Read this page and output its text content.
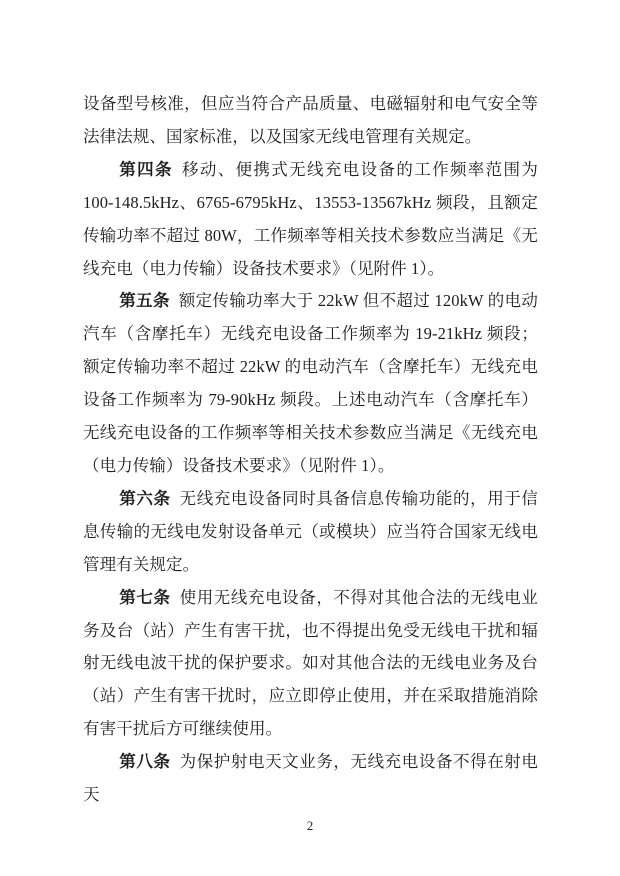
设备型号核准，但应当符合产品质量、电磁辐射和电气安全等法律法规、国家标准，以及国家无线电管理有关规定。

第四条 移动、便携式无线充电设备的工作频率范围为 100-148.5kHz、6765-6795kHz、13553-13567kHz 频段，且额定传输功率不超过 80W，工作频率等相关技术参数应当满足《无线充电（电力传输）设备技术要求》（见附件 1）。

第五条 额定传输功率大于 22kW 但不超过 120kW 的电动汽车（含摩托车）无线充电设备工作频率为 19-21kHz 频段；额定传输功率不超过 22kW 的电动汽车（含摩托车）无线充电设备工作频率为 79-90kHz 频段。上述电动汽车（含摩托车）无线充电设备的工作频率等相关技术参数应当满足《无线充电（电力传输）设备技术要求》（见附件 1）。

第六条 无线充电设备同时具备信息传输功能的，用于信息传输的无线电发射设备单元（或模块）应当符合国家无线电管理有关规定。

第七条 使用无线充电设备，不得对其他合法的无线电业务及台（站）产生有害干扰，也不得提出免受无线电干扰和辐射无线电波干扰的保护要求。如对其他合法的无线电业务及台（站）产生有害干扰时，应立即停止使用，并在采取措施消除有害干扰后方可继续使用。

第八条 为保护射电天文业务，无线充电设备不得在射电天

2
